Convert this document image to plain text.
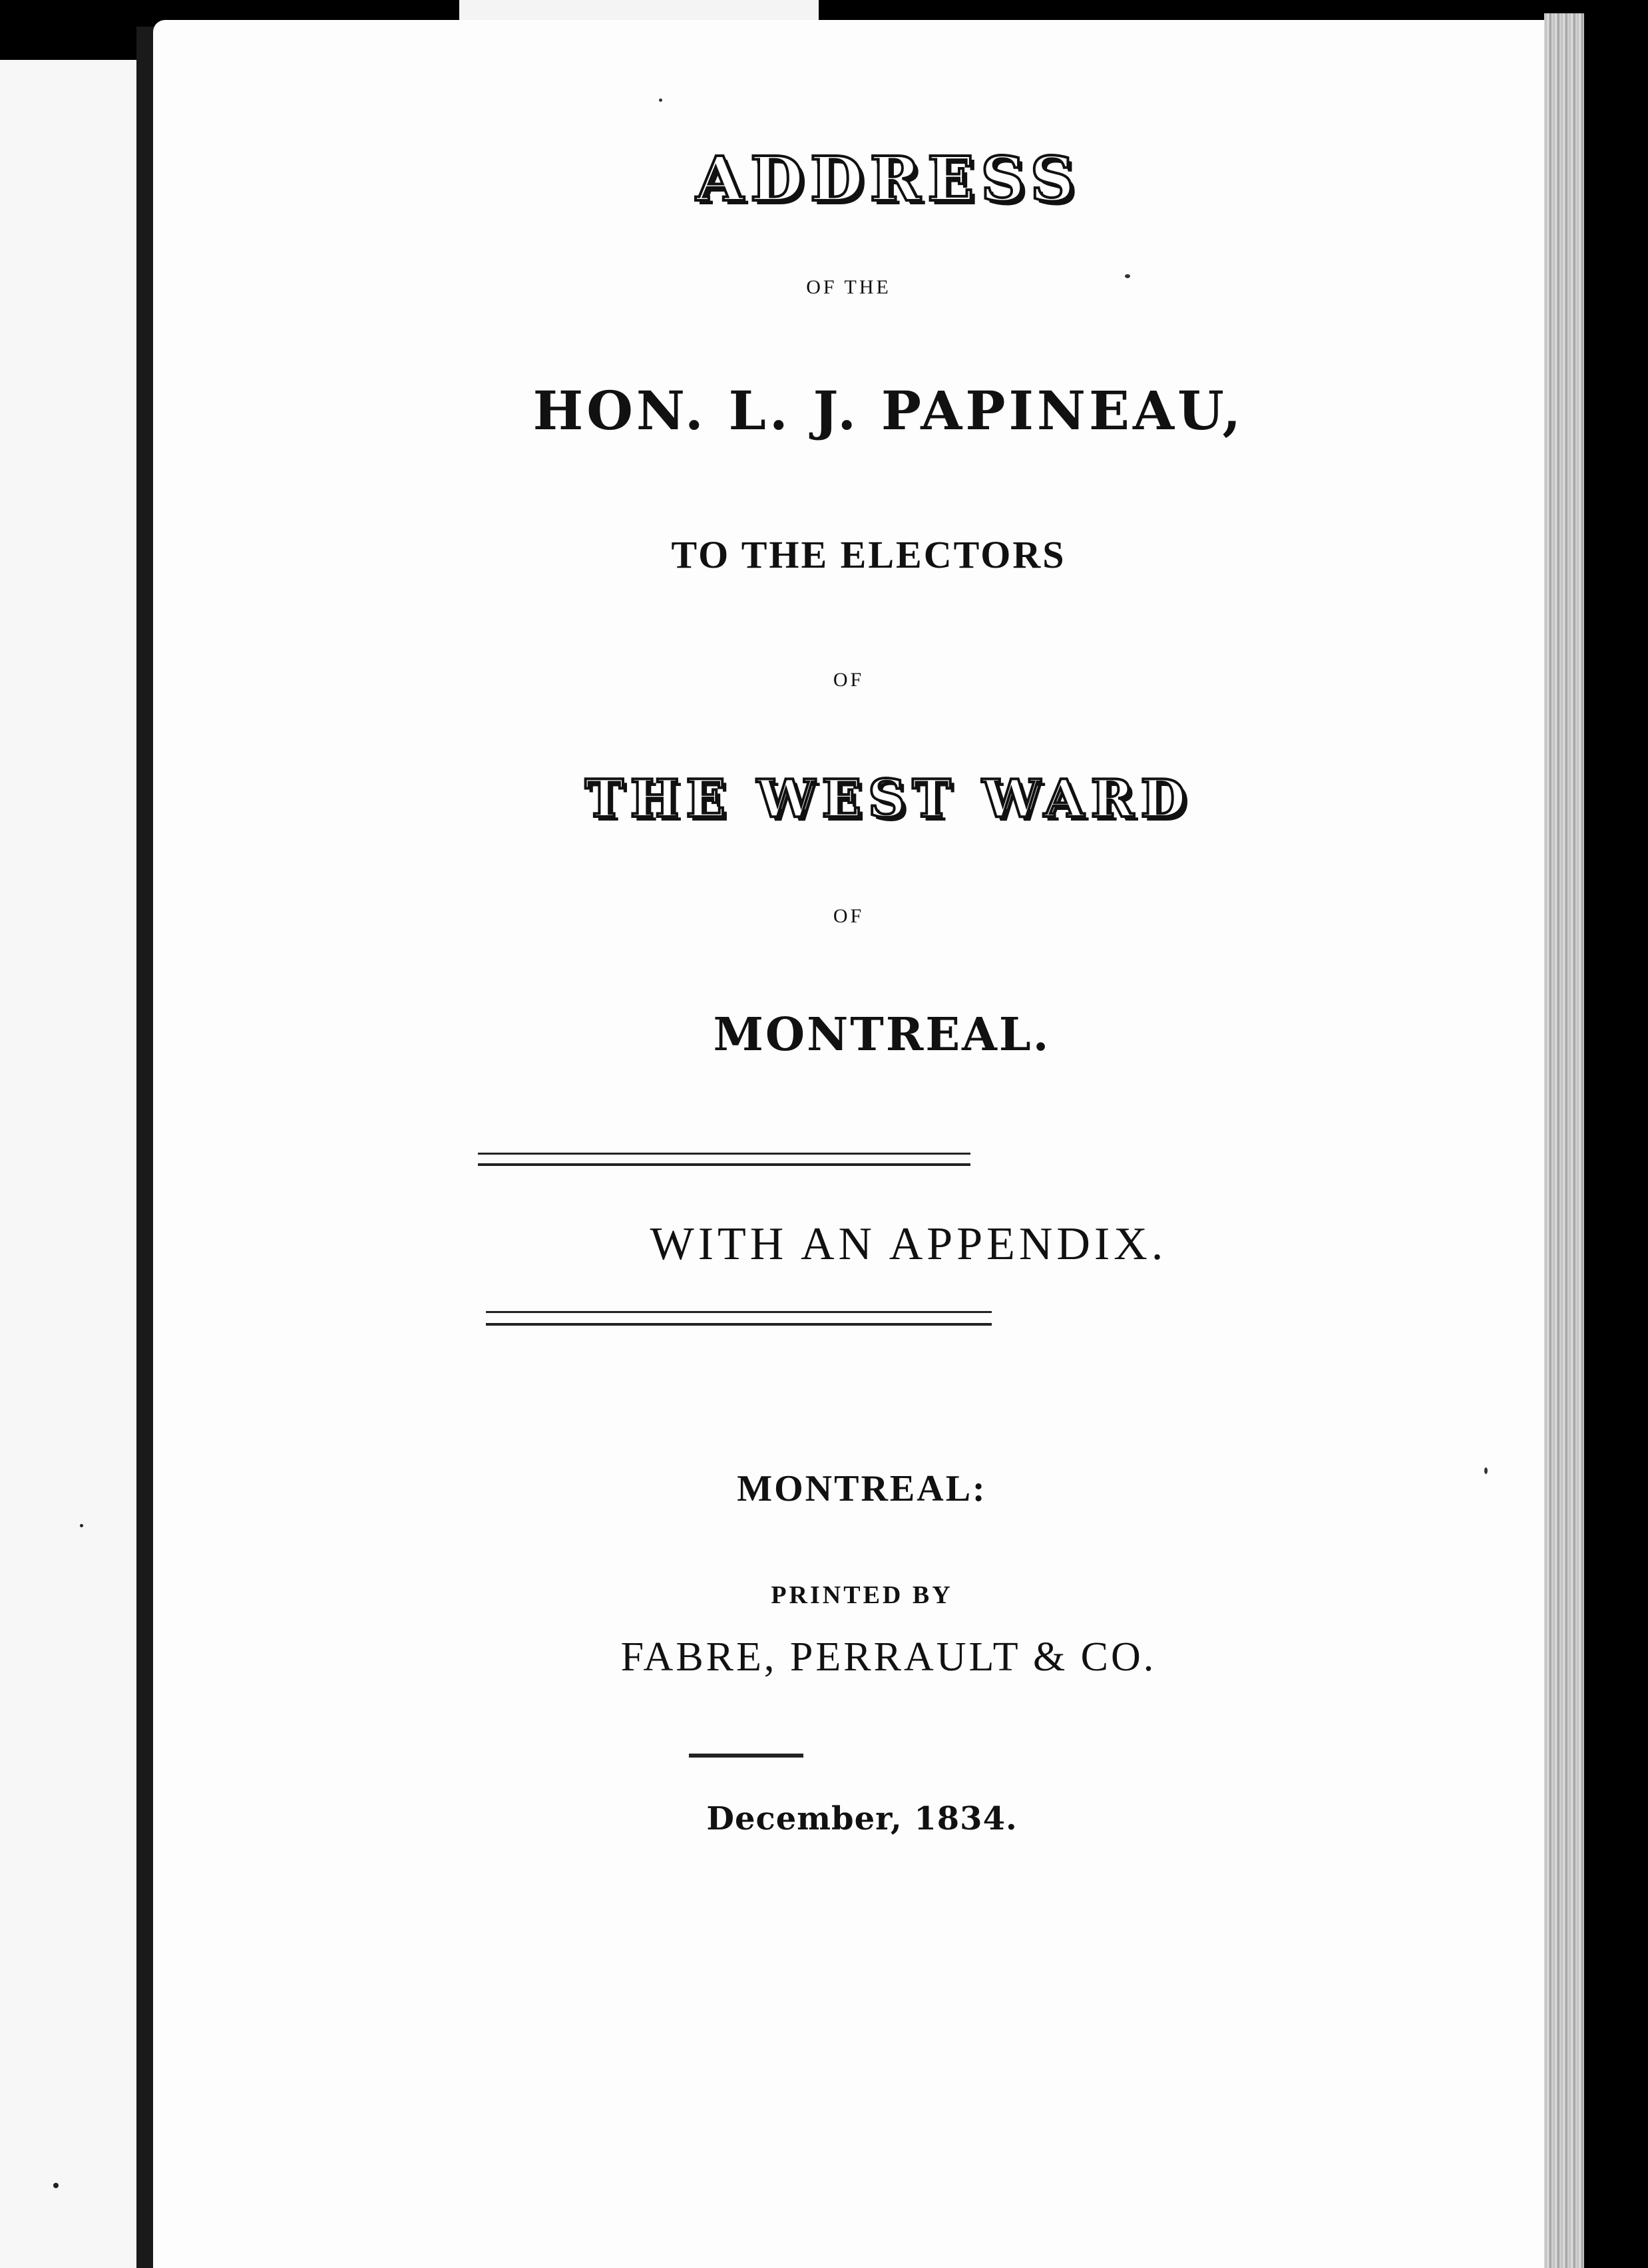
ADDRESS
OF THE
HON. L. J. PAPINEAU,
TO THE ELECTORS
OF
THE WEST WARD
OF
MONTREAL.
WITH AN APPENDIX.
MONTREAL:
PRINTED BY
FABRE, PERRAULT & CO.
December, 1834.
